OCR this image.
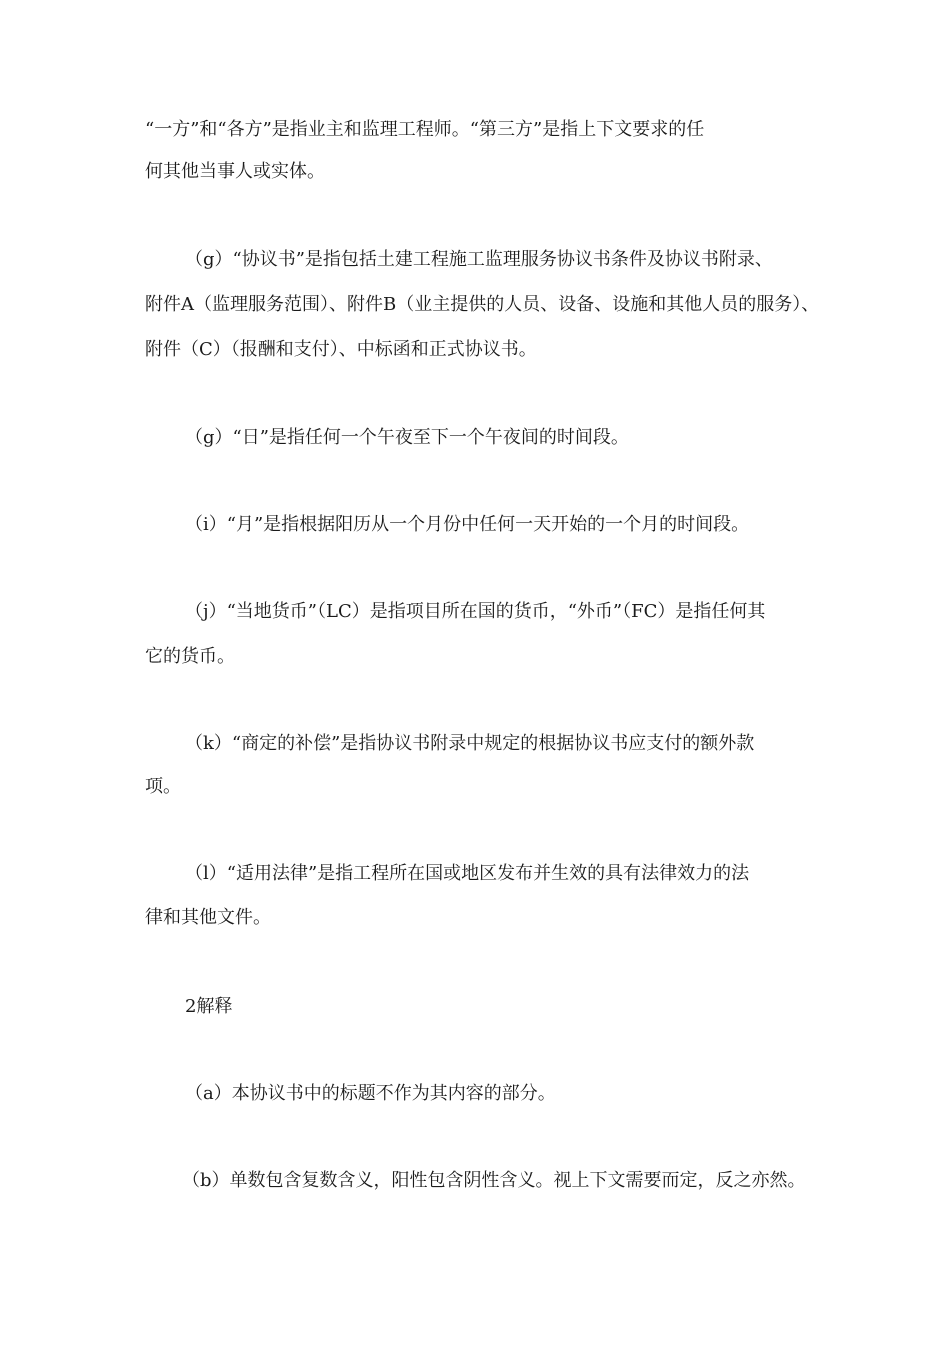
“一方”和“各方”是指业主和监理工程师。“第三方”是指上下文要求的任
何其他当事人或实体。
（g）“协议书”是指包括土建工程施工监理服务协议书条件及协议书附录、
附件A（监理服务范围）、附件B（业主提供的人员、设备、设施和其他人员的服务）、
附件（C）（报酬和支付）、中标函和正式协议书。
（g）“日”是指任何一个午夜至下一个午夜间的时间段。
（i）“月”是指根据阳历从一个月份中任何一天开始的一个月的时间段。
（j）“当地货币”（LC）是指项目所在国的货币，“外币”（FC）是指任何其
它的货币。
（k）“商定的补偿”是指协议书附录中规定的根据协议书应支付的额外款
项。
（l）“适用法律”是指工程所在国或地区发布并生效的具有法律效力的法
律和其他文件。
2解释
（a）本协议书中的标题不作为其内容的部分。
（b）单数包含复数含义，阳性包含阴性含义。视上下文需要而定，反之亦然。
